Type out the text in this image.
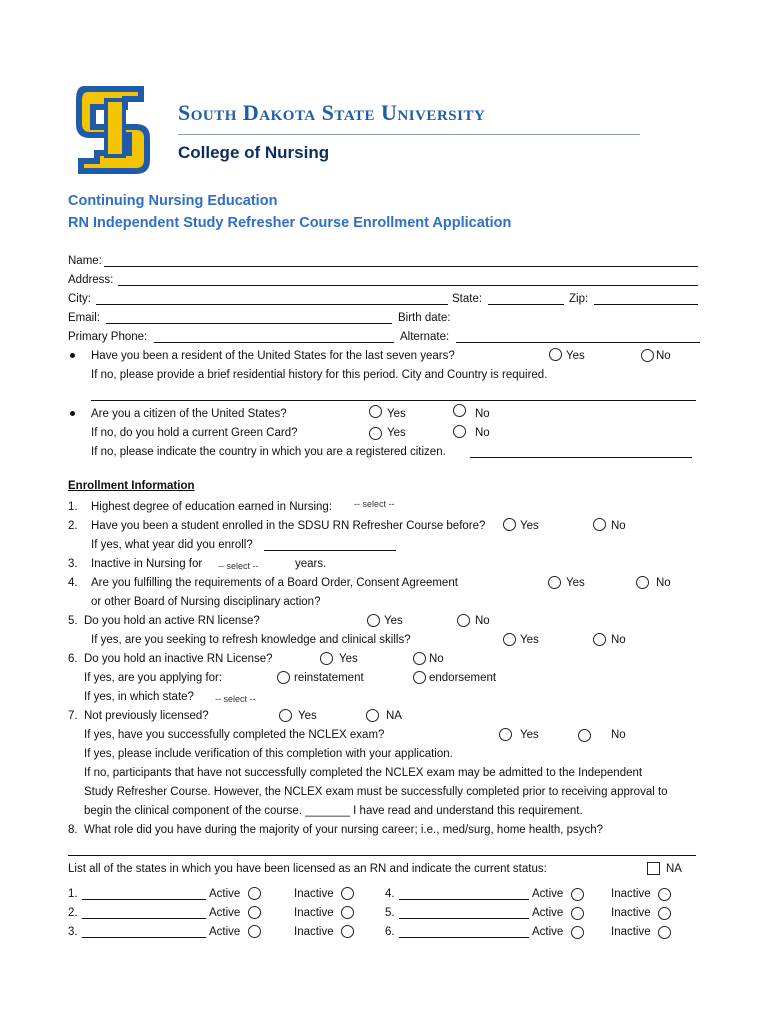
South Dakota State University
College of Nursing
Continuing Nursing Education
RN Independent Study Refresher Course Enrollment Application
Name:
Address:
City:	State:	Zip:
Email:	Birth date:
Primary Phone:	Alternate:
Have you been a resident of the United States for the last seven years?	Yes	No
If no, please provide a brief residential history for this period. City and Country is required.
Are you a citizen of the United States?	Yes	No
If no, do you hold a current Green Card?	Yes	No
If no, please indicate the country in which you are a registered citizen.
Enrollment Information
1. Highest degree of education earned in Nursing: -- select --
2. Have you been a student enrolled in the SDSU RN Refresher Course before?	Yes	No
If yes, what year did you enroll?
3. Inactive in Nursing for -- select --	years.
4. Are you fulfilling the requirements of a Board Order, Consent Agreement	Yes	No
or other Board of Nursing disciplinary action?
5. Do you hold an active RN license?	Yes	No
If yes, are you seeking to refresh knowledge and clinical skills?	Yes	No
6. Do you hold an inactive RN License?	Yes	No
If yes, are you applying for:	reinstatement	endorsement
If yes, in which state? -- select --
7. Not previously licensed?	Yes	NA
If yes, have you successfully completed the NCLEX exam?	Yes	No
If yes, please include verification of this completion with your application.
If no, participants that have not successfully completed the NCLEX exam may be admitted to the Independent
Study Refresher Course. However, the NCLEX exam must be successfully completed prior to receiving approval to
begin the clinical component of the course. _______ I have read and understand this requirement.
8. What role did you have during the majority of your nursing career; i.e., med/surg, home health, psych?
List all of the states in which you have been licensed as an RN and indicate the current status:	NA
1.	Active	Inactive
2.	Active	Inactive
3.	Active	Inactive
4.	Active	Inactive
5.	Active	Inactive
6.	Active	Inactive
